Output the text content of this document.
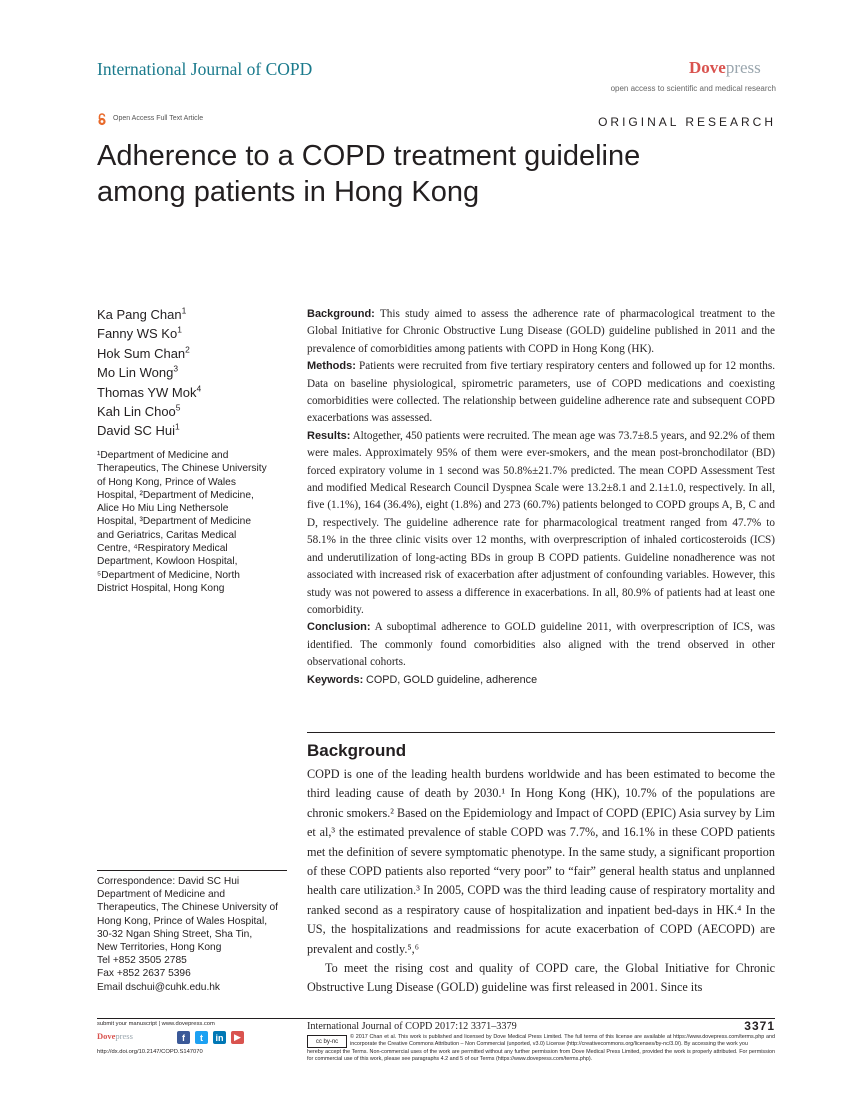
International Journal of COPD	Dovepress
open access to scientific and medical research
Open Access Full Text Article	ORIGINAL RESEARCH
Adherence to a COPD treatment guideline
among patients in Hong Kong
Ka Pang Chan$^1$
Fanny WS Ko$^1$
Hok Sum Chan$^2$
Mo Lin Wong$^3$
Thomas YW Mok$^4$
Kah Lin Choo$^5$
David SC Hui$^1$
¹Department of Medicine and
Therapeutics, The Chinese University
of Hong Kong, Prince of Wales
Hospital, ²Department of Medicine,
Alice Ho Miu Ling Nethersole
Hospital, ³Department of Medicine
and Geriatrics, Caritas Medical
Centre, ⁴Respiratory Medical
Department, Kowloon Hospital,
⁵Department of Medicine, North
District Hospital, Hong Kong
Correspondence: David SC Hui
Department of Medicine and
Therapeutics, The Chinese University of
Hong Kong, Prince of Wales Hospital,
30-32 Ngan Shing Street, Sha Tin,
New Territories, Hong Kong
Tel +852 3505 2785
Fax +852 2637 5396
Email dschui@cuhk.edu.hk

Background: This study aimed to assess the adherence rate of pharmacological treatment to the Global Initiative for Chronic Obstructive Lung Disease (GOLD) guideline published in 2011 and the prevalence of comorbidities among patients with COPD in Hong Kong (HK).

Methods: Patients were recruited from five tertiary respiratory centers and followed up for 12 months. Data on baseline physiological, spirometric parameters, use of COPD medications and coexisting comorbidities were collected. The relationship between guideline adherence rate and subsequent COPD exacerbations was assessed.

Results: Altogether, 450 patients were recruited. The mean age was 73.7±8.5 years, and 92.2% of them were males. Approximately 95% of them were ever-smokers, and the mean post-bronchodilator (BD) forced expiratory volume in 1 second was 50.8%±21.7% predicted. The mean COPD Assessment Test and modified Medical Research Council Dyspnea Scale were 13.2±8.1 and 2.1±1.0, respectively. In all, five (1.1%), 164 (36.4%), eight (1.8%) and 273 (60.7%) patients belonged to COPD groups A, B, C and D, respectively. The guideline adherence rate for pharmacological treatment ranged from 47.7% to 58.1% in the three clinic visits over 12 months, with overprescription of inhaled corticosteroids (ICS) and underutilization of long-acting BDs in group B COPD patients. Guideline nonadherence was not associated with increased risk of exacerbation after adjustment of confounding variables. However, this study was not powered to assess a difference in exacerbations. In all, 80.9% of patients had at least one comorbidity.

Conclusion: A suboptimal adherence to GOLD guideline 2011, with overprescription of ICS, was identified. The commonly found comorbidities also aligned with the trend observed in other observational cohorts.

Keywords: COPD, GOLD guideline, adherence

Background

COPD is one of the leading health burdens worldwide and has been estimated to become the third leading cause of death by 2030.¹ In Hong Kong (HK), 10.7% of the populations are chronic smokers.² Based on the Epidemiology and Impact of COPD (EPIC) Asia survey by Lim et al,³ the estimated prevalence of stable COPD was 7.7%, and 16.1% in these COPD patients met the definition of severe symptomatic phenotype. In the same study, a significant proportion of these COPD patients also reported “very poor” to “fair” general health status and unplanned health care utilization.³ In 2005, COPD was the third leading cause of respiratory mortality and ranked second as a respiratory cause of hospitalization and inpatient bed-days in HK.⁴ In the US, the hospitalizations and readmissions for acute exacerbation of COPD (AECOPD) are prevalent and costly.⁵,⁶

To meet the rising cost and quality of COPD care, the Global Initiative for Chronic Obstructive Lung Disease (GOLD) guideline was first released in 2001. Since its

submit your manuscript | www.dovepress.com
Dovepress	f	t	in	▶
http://dx.doi.org/10.2147/COPD.S147070
International Journal of COPD 2017:12 3371–3379	3371
cc by-nc
© 2017 Chan et al. This work is published and licensed by Dove Medical Press Limited. The full terms of this license are available at https://www.dovepress.com/terms.php and incorporate the Creative Commons Attribution – Non Commercial (unported, v3.0) License (http://creativecommons.org/licenses/by-nc/3.0/). By accessing the work you
hereby accept the Terms. Non-commercial uses of the work are permitted without any further permission from Dove Medical Press Limited, provided the work is properly attributed. For permission for commercial use of this work, please see paragraphs 4.2 and 5 of our Terms (https://www.dovepress.com/terms.php).
